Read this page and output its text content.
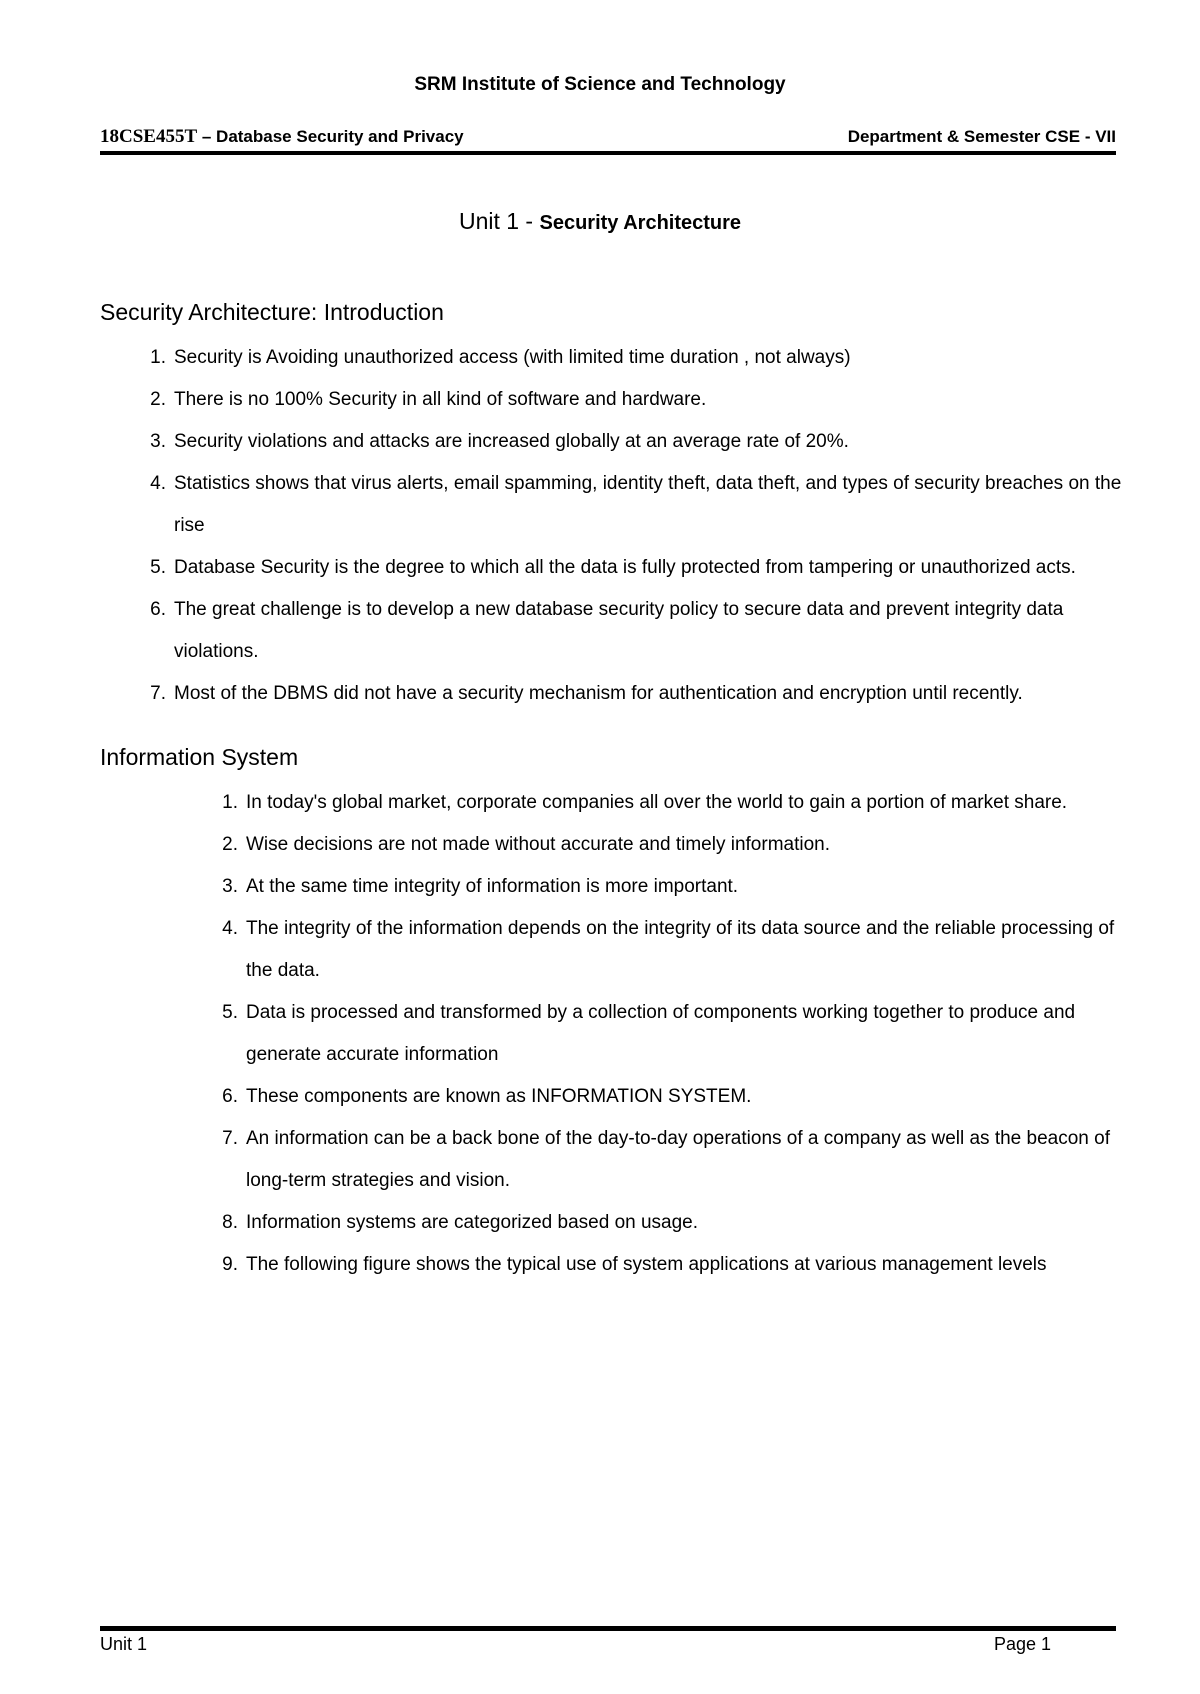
SRM Institute of Science and Technology
18CSE455T – Database Security and Privacy	Department & Semester CSE - VII
Unit 1 - Security Architecture
Security Architecture: Introduction
1. Security is Avoiding unauthorized access (with limited time duration , not always)
2. There is no 100% Security in all kind of software and hardware.
3. Security violations and attacks are increased globally at an average rate of 20%.
4. Statistics shows that virus alerts, email spamming, identity theft, data theft, and types of security breaches on the rise
5. Database Security is the degree to which all the data is fully protected from tampering or unauthorized acts.
6. The great challenge is to develop a new database security policy to secure data and prevent integrity data violations.
7. Most of the DBMS did not have a security mechanism for authentication and encryption until recently.
Information System
1. In today's global market, corporate companies all over the world to gain a portion of market share.
2. Wise decisions are not made without accurate and timely information.
3. At the same time integrity of information is more important.
4. The integrity of the information depends on the integrity of its data source and the reliable processing of the data.
5. Data is processed and transformed by a collection of components working together to produce and generate accurate information
6. These components are known as INFORMATION SYSTEM.
7. An information can be a back bone of the day-to-day operations of a company as well as the beacon of long-term strategies and vision.
8. Information systems are categorized based on usage.
9. The following figure shows the typical use of system applications at various management levels
Unit 1	Page 1
